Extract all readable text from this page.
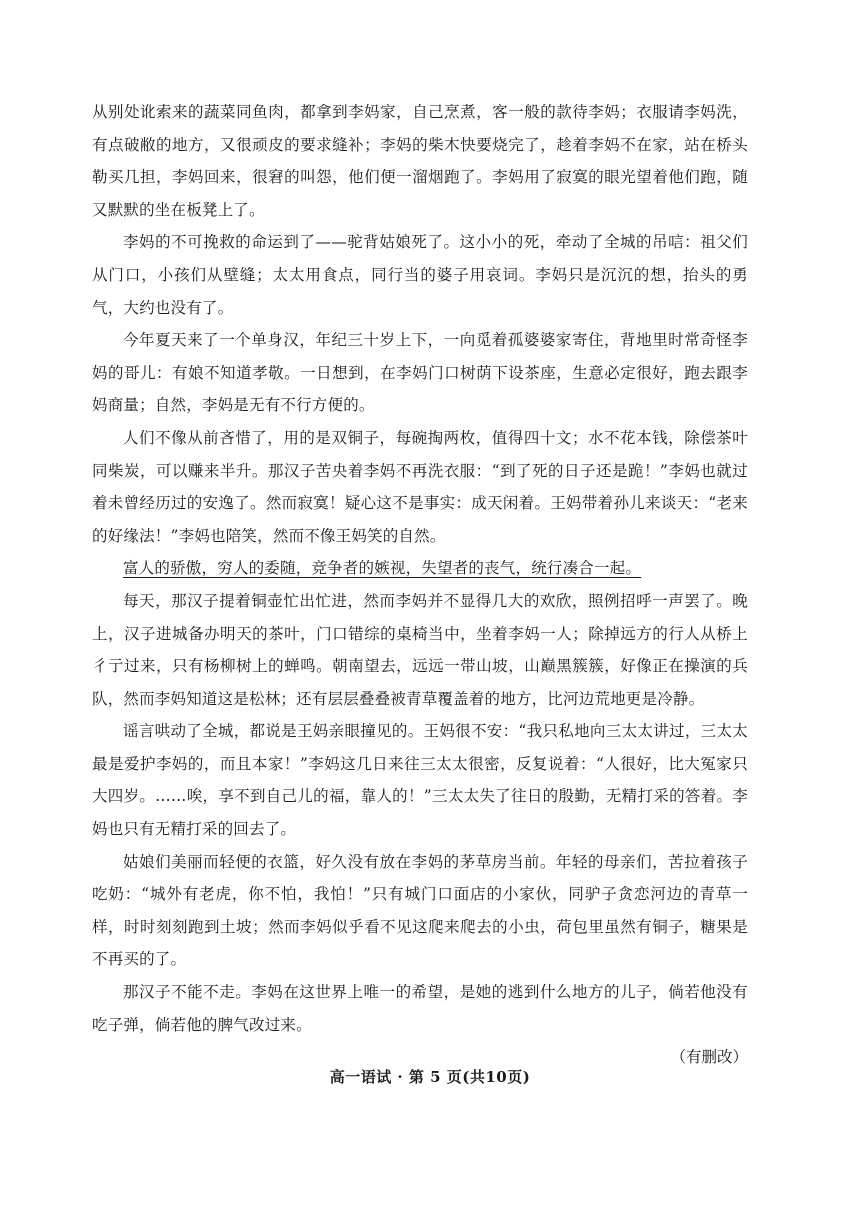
从别处讹索来的蔬菜同鱼肉，都拿到李妈家，自己烹煮，客一般的款待李妈；衣服请李妈洗，有点破敝的地方，又很顽皮的要求缝补；李妈的柴木快要烧完了，趁着李妈不在家，站在桥头勒买几担，李妈回来，很窘的叫怨，他们便一溜烟跑了。李妈用了寂寞的眼光望着他们跑，随又默默的坐在板凳上了。

李妈的不可挽救的命运到了——驼背姑娘死了。这小小的死，牵动了全城的吊唁：祖父们从门口，小孩们从壁缝；太太用食点，同行当的婆子用哀词。李妈只是沉沉的想，抬头的勇气，大约也没有了。

今年夏天来了一个单身汉，年纪三十岁上下，一向觅着孤婆婆家寄住，背地里时常奇怪李妈的哥儿：有娘不知道孝敬。一日想到，在李妈门口树荫下设茶座，生意必定很好，跑去跟李妈商量；自然，李妈是无有不行方便的。

人们不像从前吝惜了，用的是双铜子，每碗掏两枚，值得四十文；水不花本钱，除偿茶叶同柴炭，可以赚来半升。那汉子苦央着李妈不再洗衣服：“到了死的日子还是跪！”李妈也就过着未曾经历过的安逸了。然而寂寞！疑心这不是事实：成天闲着。王妈带着孙儿来谈天：“老来的好缘法！”李妈也陪笑，然而不像王妈笑的自然。

富人的骄傲，穷人的委随，竞争者的嫉视，失望者的丧气，统行凑合一起。

每天，那汉子提着铜壶忙出忙进，然而李妈并不显得几大的欢欣，照例招呼一声罢了。晚上，汉子进城备办明天的茶叶，门口错综的桌椅当中，坐着李妈一人；除掉远方的行人从桥上彳亍过来，只有杨柳树上的蝉鸣。朝南望去，远远一带山坡，山巅黑簇簇，好像正在操演的兵队，然而李妈知道这是松林；还有层层叠叠被青草覆盖着的地方，比河边荒地更是冷静。

谣言哄动了全城，都说是王妈亲眼撞见的。王妈很不安：“我只私地向三太太讲过，三太太最是爱护李妈的，而且本家！”李妈这几日来往三太太很密，反复说着：“人很好，比大冤家只大四岁。……唉，享不到自己儿的福，靠人的！”三太太失了往日的殷勤，无精打采的答着。李妈也只有无精打采的回去了。

姑娘们美丽而轻便的衣篮，好久没有放在李妈的茅草房当前。年轻的母亲们，苦拉着孩子吃奶：“城外有老虎，你不怕，我怕！”只有城门口面店的小家伙，同驴子贪恋河边的青草一样，时时刻刻跑到土坡；然而李妈似乎看不见这爬来爬去的小虫，荷包里虽然有铜子，糖果是不再买的了。

那汉子不能不走。李妈在这世界上唯一的希望，是她的逃到什么地方的儿子，倘若他没有吃子弹，倘若他的脾气改过来。

（有删改）

高一语试 · 第 5 页(共10页)
